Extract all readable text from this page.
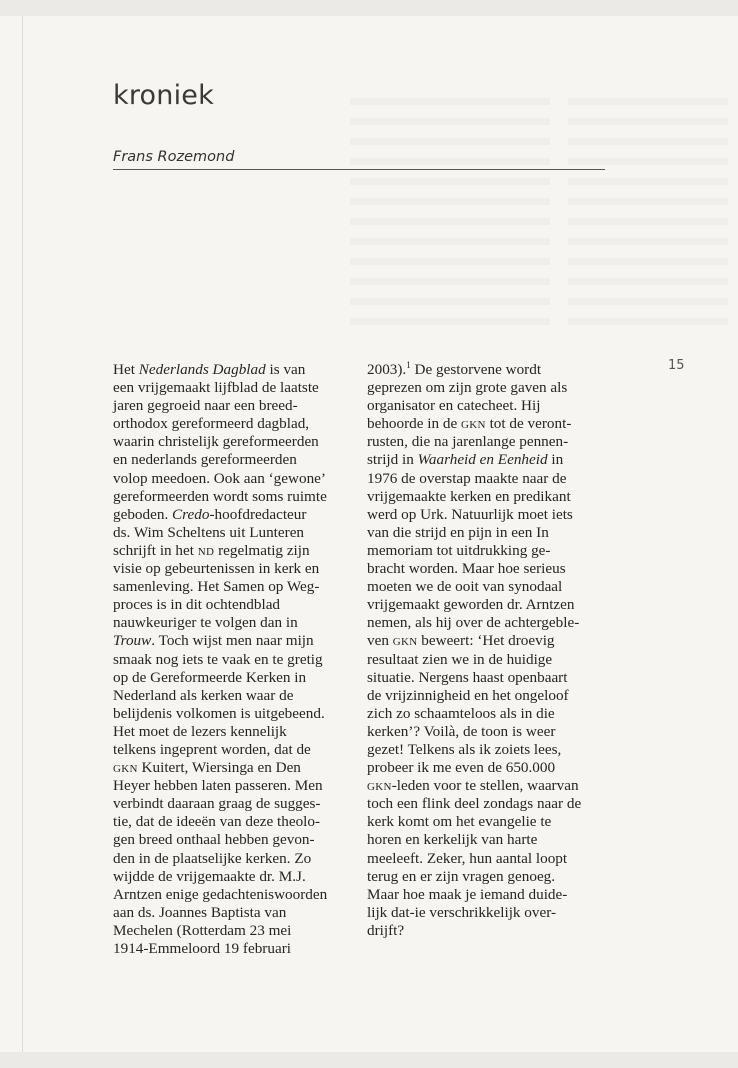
kroniek
Frans Rozemond
15
Het Nederlands Dagblad is van
een vrijgemaakt lijfblad de laatste
jaren gegroeid naar een breed-
orthodox gereformeerd dagblad,
waarin christelijk gereformeerden
en nederlands gereformeerden
volop meedoen. Ook aan ‘gewone’
gereformeerden wordt soms ruimte
geboden. Credo-hoofdredacteur
ds. Wim Scheltens uit Lunteren
schrijft in het nd regelmatig zijn
visie op gebeurtenissen in kerk en
samenleving. Het Samen op Weg-
proces is in dit ochtendblad
nauwkeuriger te volgen dan in
Trouw. Toch wijst men naar mijn
smaak nog iets te vaak en te gretig
op de Gereformeerde Kerken in
Nederland als kerken waar de
belijdenis volkomen is uitgebeend.
Het moet de lezers kennelijk
telkens ingeprent worden, dat de
gkn Kuitert, Wiersinga en Den
Heyer hebben laten passeren. Men
verbindt daaraan graag de sugges-
tie, dat de ideeën van deze theolo-
gen breed onthaal hebben gevon-
den in de plaatselijke kerken. Zo
wijdde de vrijgemaakte dr. M.J.
Arntzen enige gedachteniswoorden
aan ds. Joannes Baptista van
Mechelen (Rotterdam 23 mei
1914-Emmeloord 19 februari
2003).$^1$ De gestorvene wordt
geprezen om zijn grote gaven als
organisator en catecheet. Hij
behoorde in de gkn tot de veront-
rusten, die na jarenlange pennen-
strijd in Waarheid en Eenheid in
1976 de overstap maakte naar de
vrijgemaakte kerken en predikant
werd op Urk. Natuurlijk moet iets
van die strijd en pijn in een In
memoriam tot uitdrukking ge-
bracht worden. Maar hoe serieus
moeten we de ooit van synodaal
vrijgemaakt geworden dr. Arntzen
nemen, als hij over de achtergeble-
ven gkn beweert: ‘Het droevig
resultaat zien we in de huidige
situatie. Nergens haast openbaart
de vrijzinnigheid en het ongeloof
zich zo schaamteloos als in die
kerken’? Voilà, de toon is weer
gezet! Telkens als ik zoiets lees,
probeer ik me even de 650.000
gkn-leden voor te stellen, waarvan
toch een flink deel zondags naar de
kerk komt om het evangelie te
horen en kerkelijk van harte
meeleeft. Zeker, hun aantal loopt
terug en er zijn vragen genoeg.
Maar hoe maak je iemand duide-
lijk dat-ie verschrikkelijk over-
drijft?
